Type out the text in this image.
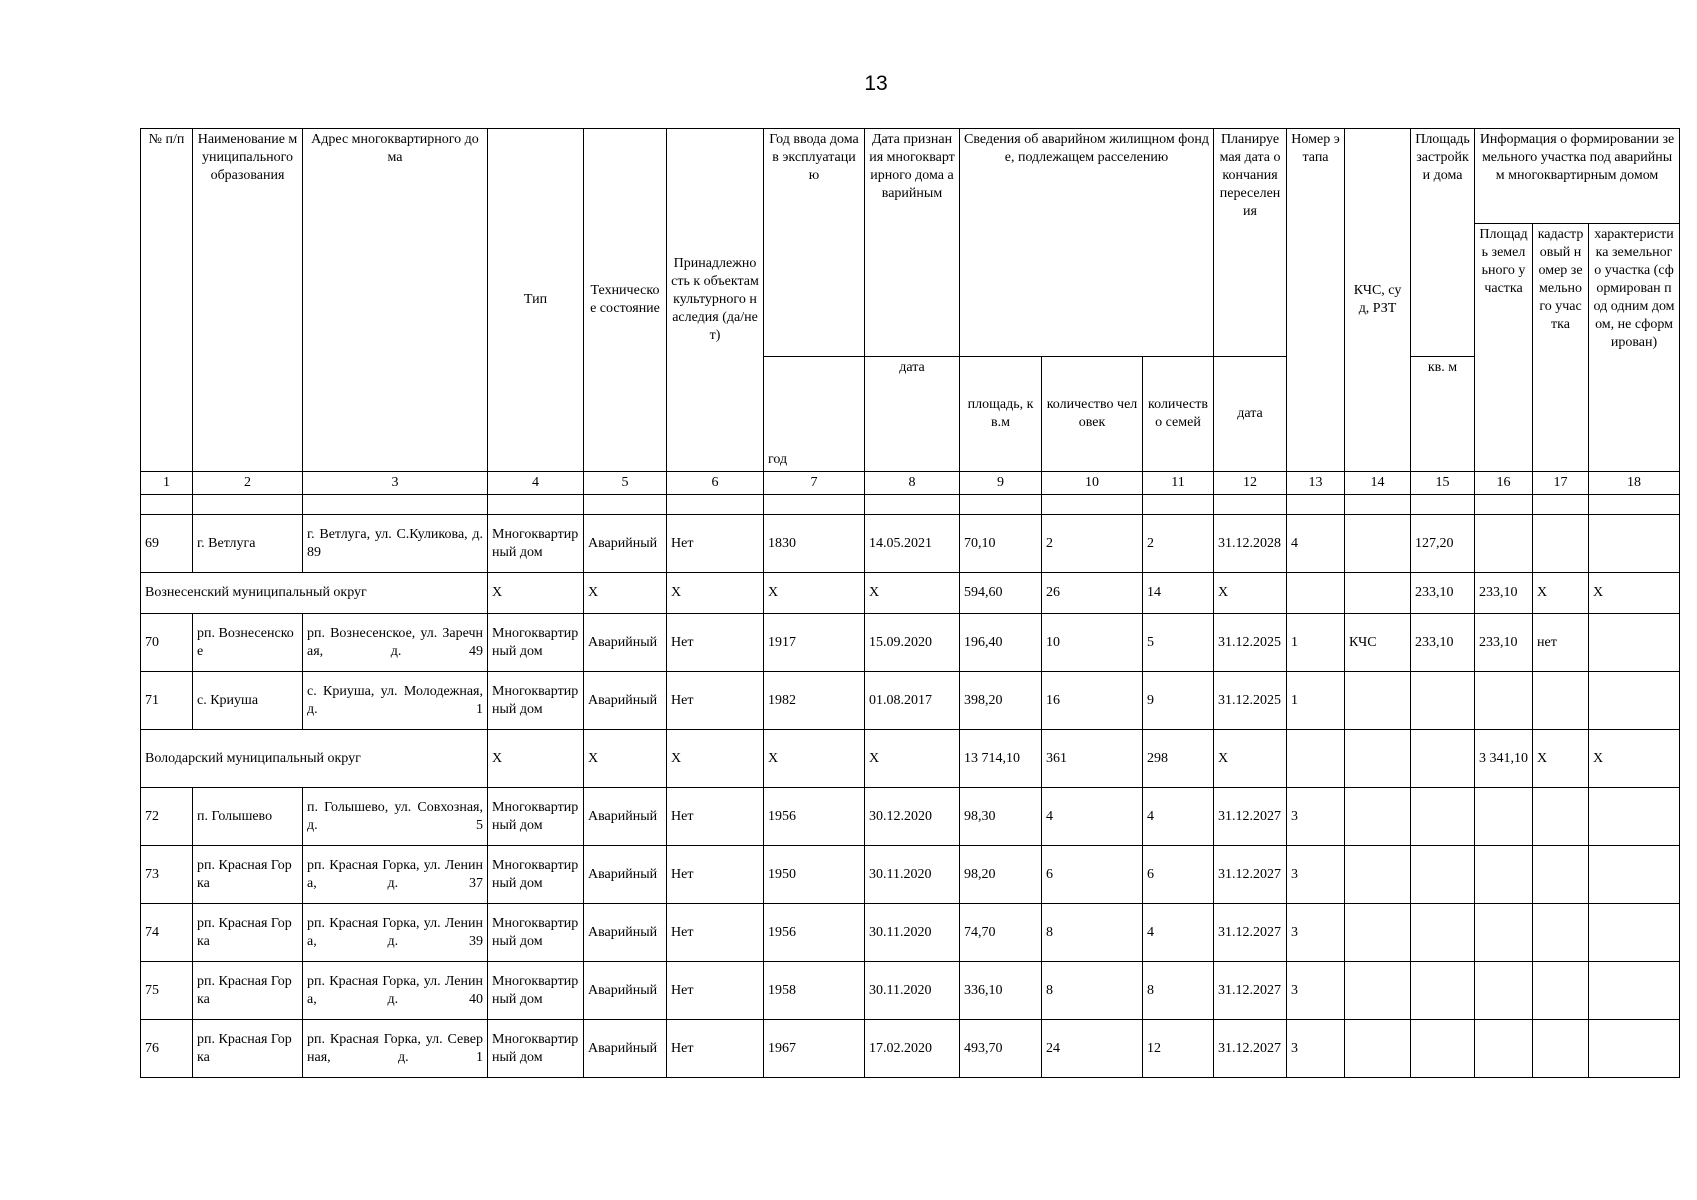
13
№ п/п	Наименование муниципального образования	Адрес многоквартирного дома	Тип	Техническое состояние	Принадлежность к объектам культурного наследия (да/нет)	Год ввода дома в эксплуатацию	Дата признания многоквартирного дома аварийным	Сведения об аварийном жилищном фонде, подлежащем расселению			Планируемая дата окончания переселения	Номер этапа	КЧС, суд, РЗТ	Площадь застройки дома	Информация о формировании земельного участка под аварийным многоквартирным домом		
															Площадь земельного участка	кадастровый номер земельного участка	характеристика земельного участка (сформирован под одним домом, не сформирован)
						год	дата	площадь, кв.м	количество человек	количество семей	дата			кв. м			
1	2	3	4	5	6	7	8	9	10	11	12	13	14	15	16	17	18

69	г. Ветлуга	г. Ветлуга, ул. С.Куликова, д. 89	Многоквартирный дом	Аварийный	Нет	1830	14.05.2021	70,10	2	2	31.12.2028	4		127,20			
Вознесенский муниципальный округ			Х	Х	Х	Х	Х	594,60	26	14	Х			233,10	233,10	Х	Х
70	рп. Вознесенское	рп. Вознесенское, ул. Заречная, д. 49	Многоквартирный дом	Аварийный	Нет	1917	15.09.2020	196,40	10	5	31.12.2025	1	КЧС	233,10	233,10	нет	
71	с. Криуша	с. Криуша, ул. Молодежная, д. 1	Многоквартирный дом	Аварийный	Нет	1982	01.08.2017	398,20	16	9	31.12.2025	1					
Володарский муниципальный округ			Х	Х	Х	Х	Х	13 714,10	361	298	Х				3 341,10	Х	Х
72	п. Голышево	п. Голышево, ул. Совхозная, д. 5	Многоквартирный дом	Аварийный	Нет	1956	30.12.2020	98,30	4	4	31.12.2027	3					
73	рп. Красная Горка	рп. Красная Горка, ул. Ленина, д. 37	Многоквартирный дом	Аварийный	Нет	1950	30.11.2020	98,20	6	6	31.12.2027	3					
74	рп. Красная Горка	рп. Красная Горка, ул. Ленина, д. 39	Многоквартирный дом	Аварийный	Нет	1956	30.11.2020	74,70	8	4	31.12.2027	3					
75	рп. Красная Горка	рп. Красная Горка, ул. Ленина, д. 40	Многоквартирный дом	Аварийный	Нет	1958	30.11.2020	336,10	8	8	31.12.2027	3					
76	рп. Красная Горка	рп. Красная Горка, ул. Северная, д. 1	Многоквартирный дом	Аварийный	Нет	1967	17.02.2020	493,70	24	12	31.12.2027	3					
